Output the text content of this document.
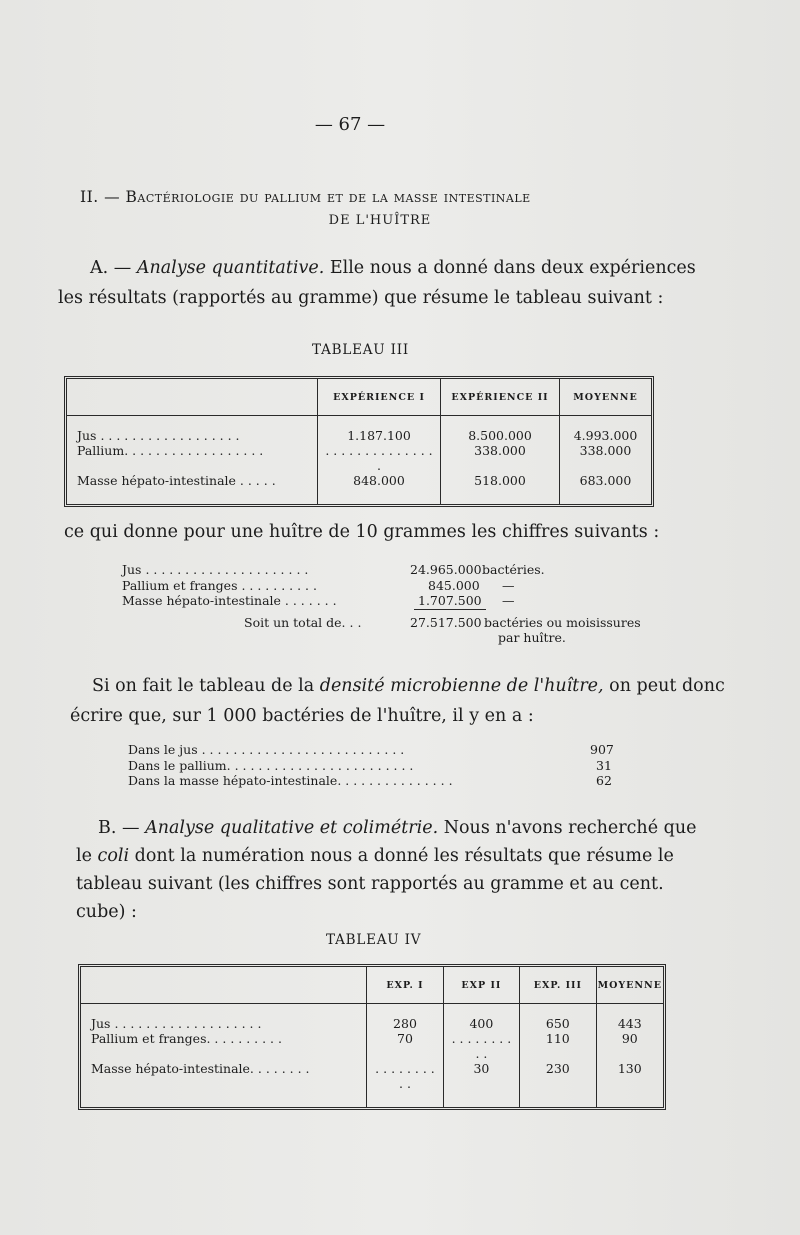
— 67 —
II. — Bactériologie du pallium et de la masse intestinale
DE L'HUÎTRE
A. — Analyse quantitative. Elle nous a donné dans deux expériences
les résultats (rapportés au gramme) que résume le tableau suivant :
TABLEAU III
	EXPÉRIENCE I	EXPÉRIENCE II	MOYENNE
Jus . . . . . . . . . . . . . . . . . .	1.187.100	8.500.000	4.993.000
Pallium. . . . . . . . . . . . . . . . . .	. . . . . . . . . . . . . . .	338.000	338.000
Masse hépato-intestinale . . . . .	848.000	518.000	683.000
ce qui donne pour une huître de 10 grammes les chiffres suivants :
Jus . . . . . . . . . . . . . . . . . . . . .	24.965.000 bactéries.
Pallium et franges . . . . . . . . . .	845.000 —
Masse hépato-intestinale . . . . . . .	1.707.500	—
Soit un total de. . .	27.517.500 bactéries ou moisissures
par huître.
Si on fait le tableau de la densité microbienne de l'huître, on peut donc
écrire que, sur 1 000 bactéries de l'huître, il y en a :
Dans le jus . . . . . . . . . . . . . . . . . . . . . . . . . .	907
Dans le pallium. . . . . . . . . . . . . . . . . . . . . . . .	31
Dans la masse hépato-intestinale. . . . . . . . . . . . . . .	62
B. — Analyse qualitative et colimétrie. Nous n'avons recherché que
le coli dont la numération nous a donné les résultats que résume le
tableau suivant (les chiffres sont rapportés au gramme et au cent.
cube) :
TABLEAU IV
	EXP. I	EXP II	EXP. III	MOYENNE
Jus . . . . . . . . . . . . . . . . . . .	280	400	650	443
Pallium et franges. . . . . . . . . .	70	. . . . . . . . . .	110	90
Masse hépato-intestinale. . . . . . . .	. . . . . . . . . .	30	230	130
